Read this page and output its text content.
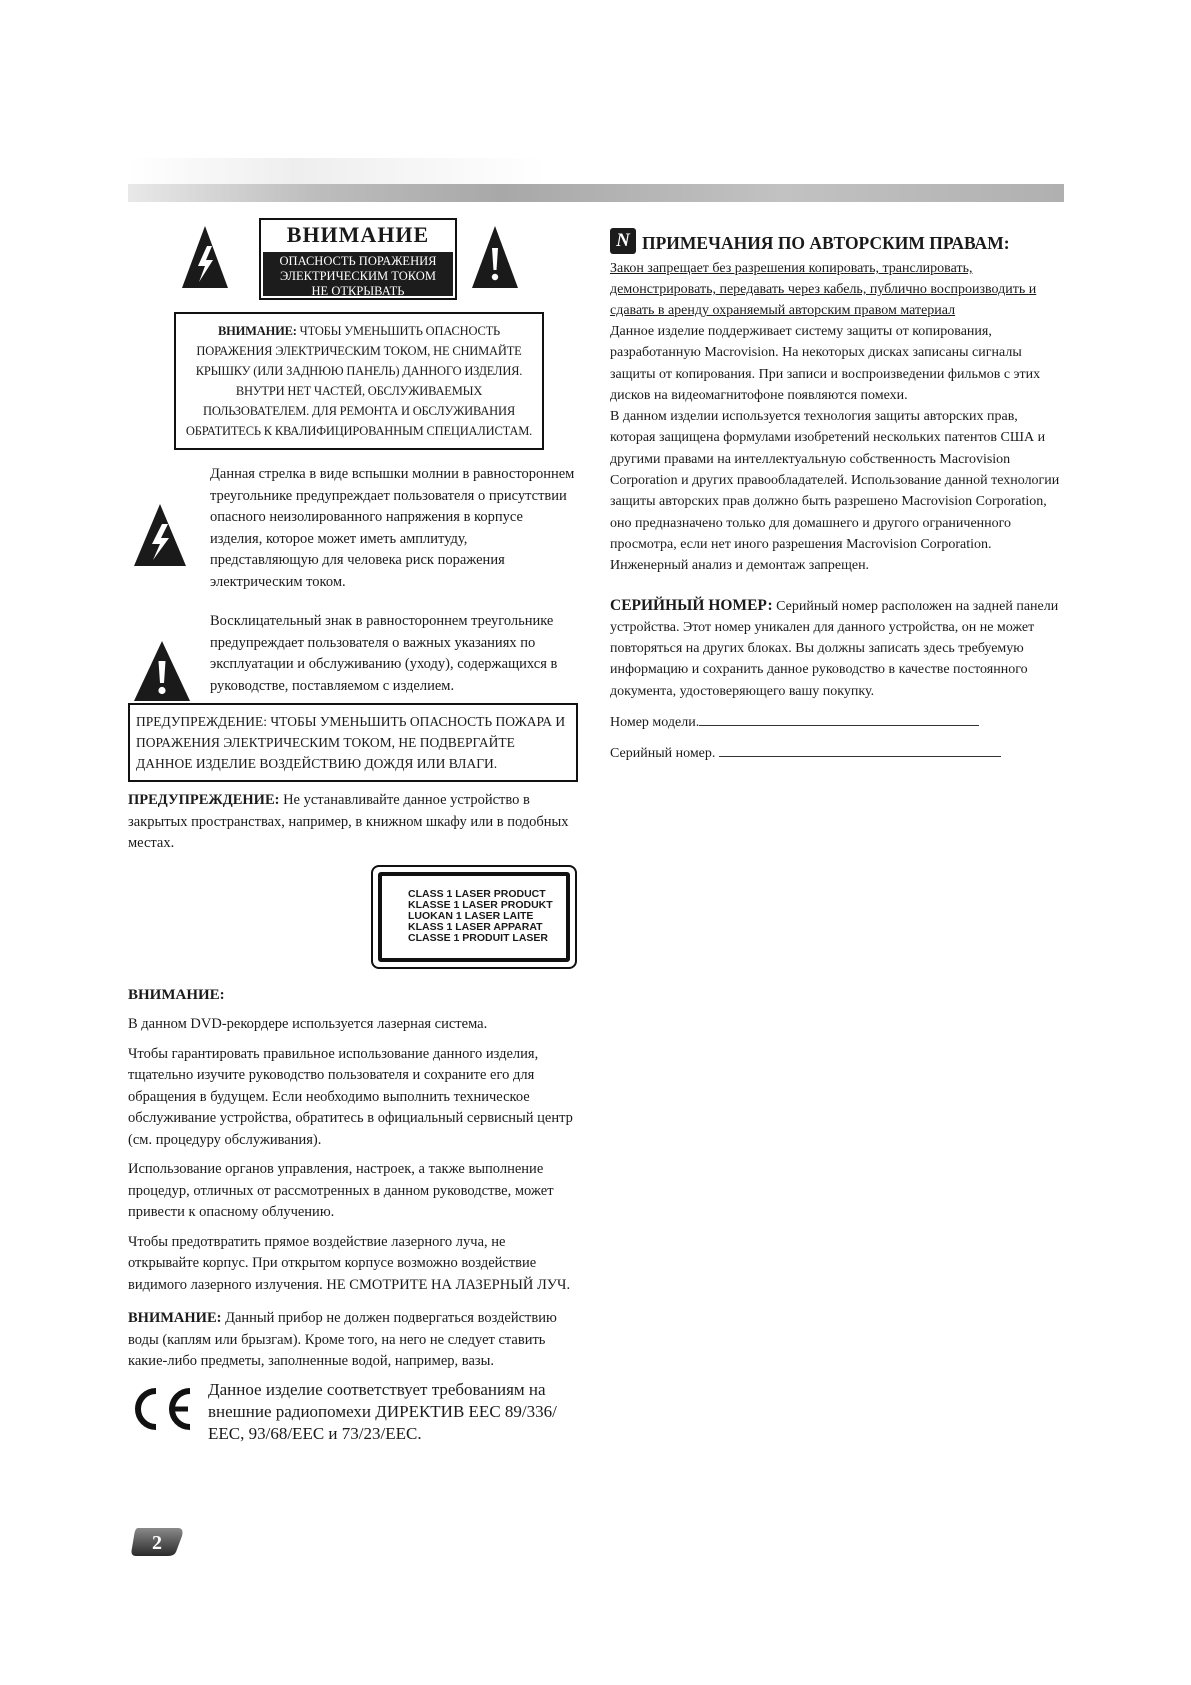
ВНИМАНИЕ
ОПАСНОСТЬ ПОРАЖЕНИЯ
ЭЛЕКТРИЧЕСКИМ ТОКОМ
НЕ ОТКРЫВАТЬ
ВНИМАНИЕ: ЧТОБЫ УМЕНЬШИТЬ ОПАСНОСТЬ ПОРАЖЕНИЯ ЭЛЕКТРИЧЕСКИМ ТОКОМ, НЕ СНИМАЙТЕ КРЫШКУ (ИЛИ ЗАДНЮЮ ПАНЕЛЬ) ДАННОГО ИЗДЕЛИЯ. ВНУТРИ НЕТ ЧАСТЕЙ, ОБСЛУЖИВАЕМЫХ ПОЛЬЗОВАТЕЛЕМ. ДЛЯ РЕМОНТА И ОБСЛУЖИВАНИЯ ОБРАТИТЕСЬ К КВАЛИФИЦИРОВАННЫМ СПЕЦИАЛИСТАМ.
Данная стрелка в виде вспышки молнии в равностороннем треугольнике предупреждает пользователя о присутствии опасного неизолированного напряжения в корпусе изделия, которое может иметь амплитуду, представляющую для человека риск поражения электрическим током.
Восклицательный знак в равностороннем треугольнике предупреждает пользователя о важных указаниях по эксплуатации и обслуживанию (уходу), содержащихся в руководстве, поставляемом с изделием.
ПРЕДУПРЕЖДЕНИЕ: ЧТОБЫ УМЕНЬШИТЬ ОПАСНОСТЬ ПОЖАРА И ПОРАЖЕНИЯ ЭЛЕКТРИЧЕСКИМ ТОКОМ, НЕ ПОДВЕРГАЙТЕ ДАННОЕ ИЗДЕЛИЕ ВОЗДЕЙСТВИЮ ДОЖДЯ ИЛИ ВЛАГИ.
ПРЕДУПРЕЖДЕНИЕ: Не устанавливайте данное устройство в закрытых пространствах, например, в книжном шкафу или в подобных местах.
CLASS 1 LASER PRODUCT
KLASSE 1 LASER PRODUKT
LUOKAN 1 LASER LAITE
KLASS 1 LASER APPARAT
CLASSE 1 PRODUIT LASER
ВНИМАНИЕ:
В данном DVD-рекордере используется лазерная система.
Чтобы гарантировать правильное использование данного изделия, тщательно изучите руководство пользователя и сохраните его для обращения в будущем. Если необходимо выполнить техническое обслуживание устройства, обратитесь в официальный сервисный центр (см. процедуру обслуживания).
Использование органов управления, настроек, а также выполнение процедур, отличных от рассмотренных в данном руководстве, может привести к опасному облучению.
Чтобы предотвратить прямое воздействие лазерного луча, не открывайте корпус. При открытом корпусе возможно воздействие видимого лазерного излучения. НЕ СМОТРИТЕ НА ЛАЗЕРНЫЙ ЛУЧ.
ВНИМАНИЕ: Данный прибор не должен подвергаться воздействию воды (каплям или брызгам). Кроме того, на него не следует ставить какие-либо предметы, заполненные водой, например, вазы.
Данное изделие соответствует требованиям на внешние радиопомехи ДИРЕКТИВ ЕЕС 89/336/ЕЕС, 93/68/ЕЕС и 73/23/ЕЕС.
N ПРИМЕЧАНИЯ ПО АВТОРСКИМ ПРАВАМ:
Закон запрещает без разрешения копировать, транслировать, демонстрировать, передавать через кабель, публично воспроизводить и сдавать в аренду охраняемый авторским правом материал
Данное изделие поддерживает систему защиты от копирования, разработанную Macrovision. На некоторых дисках записаны сигналы защиты от копирования. При записи и воспроизведении фильмов с этих дисков на видеомагнитофоне появляются помехи.
В данном изделии используется технология защиты авторских прав, которая защищена формулами изобретений нескольких патентов США и другими правами на интеллектуальную собственность Macrovision Corporation и других правообладателей. Использование данной технологии защиты авторских прав должно быть разрешено Macrovision Corporation, оно предназначено только для домашнего и другого ограниченного просмотра, если нет иного разрешения Macrovision Corporation. Инженерный анализ и демонтаж запрещен.
СЕРИЙНЫЙ НОМЕР: Серийный номер расположен на задней панели устройства. Этот номер уникален для данного устройства, он не может повторяться на других блоках. Вы должны записать здесь требуемую информацию и сохранить данное руководство в качестве постоянного документа, удостоверяющего вашу покупку.
Номер модели.
Серийный номер.
2
